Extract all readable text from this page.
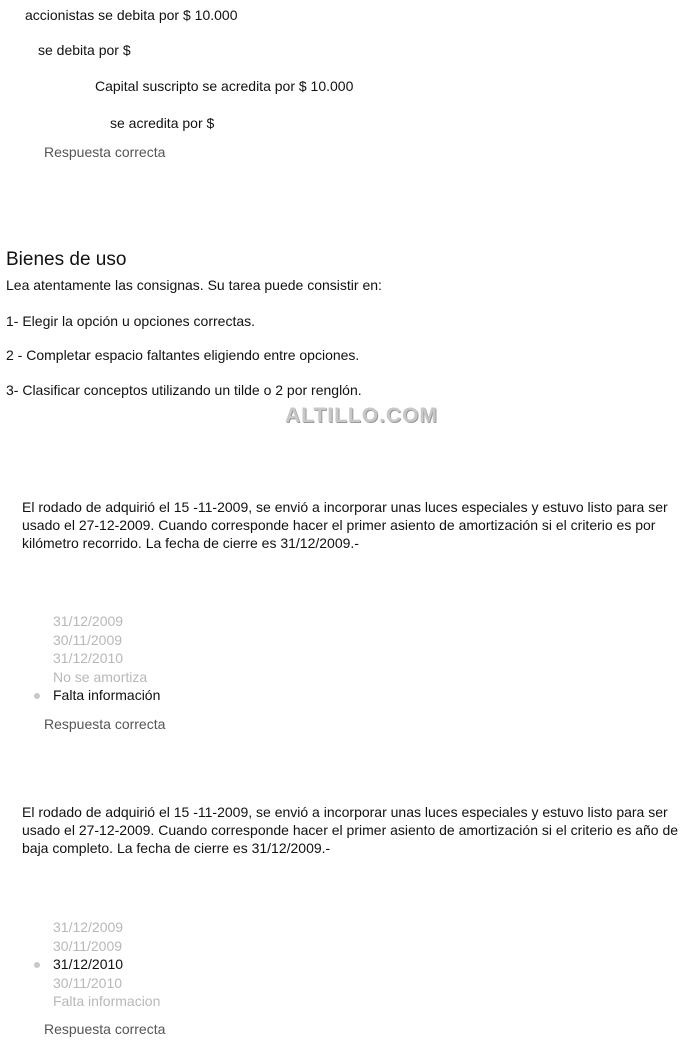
accionistas se debita por $ 10.000
se debita por $
Capital suscripto se acredita por $ 10.000
se acredita por $
Respuesta correcta
Bienes de uso
Lea atentamente las consignas. Su tarea puede consistir en:
1- Elegir la opción u opciones correctas.
2 - Completar espacio faltantes eligiendo entre opciones.
3- Clasificar conceptos utilizando un tilde o 2 por renglón.
ALTILLO.COM
El rodado de adquirió el 15 -11-2009, se envió a incorporar unas luces especiales y estuvo listo para ser usado el 27-12-2009. Cuando corresponde hacer el primer asiento de amortización si el criterio es por kilómetro recorrido. La fecha de cierre es 31/12/2009.-
31/12/2009
30/11/2009
31/12/2010
No se amortiza
Falta información
Respuesta correcta
El rodado de adquirió el 15 -11-2009, se envió a incorporar unas luces especiales y estuvo listo para ser usado el 27-12-2009. Cuando corresponde hacer el primer asiento de amortización si el criterio es año de baja completo. La fecha de cierre es 31/12/2009.-
31/12/2009
30/11/2009
31/12/2010
30/11/2010
Falta informacion
Respuesta correcta
